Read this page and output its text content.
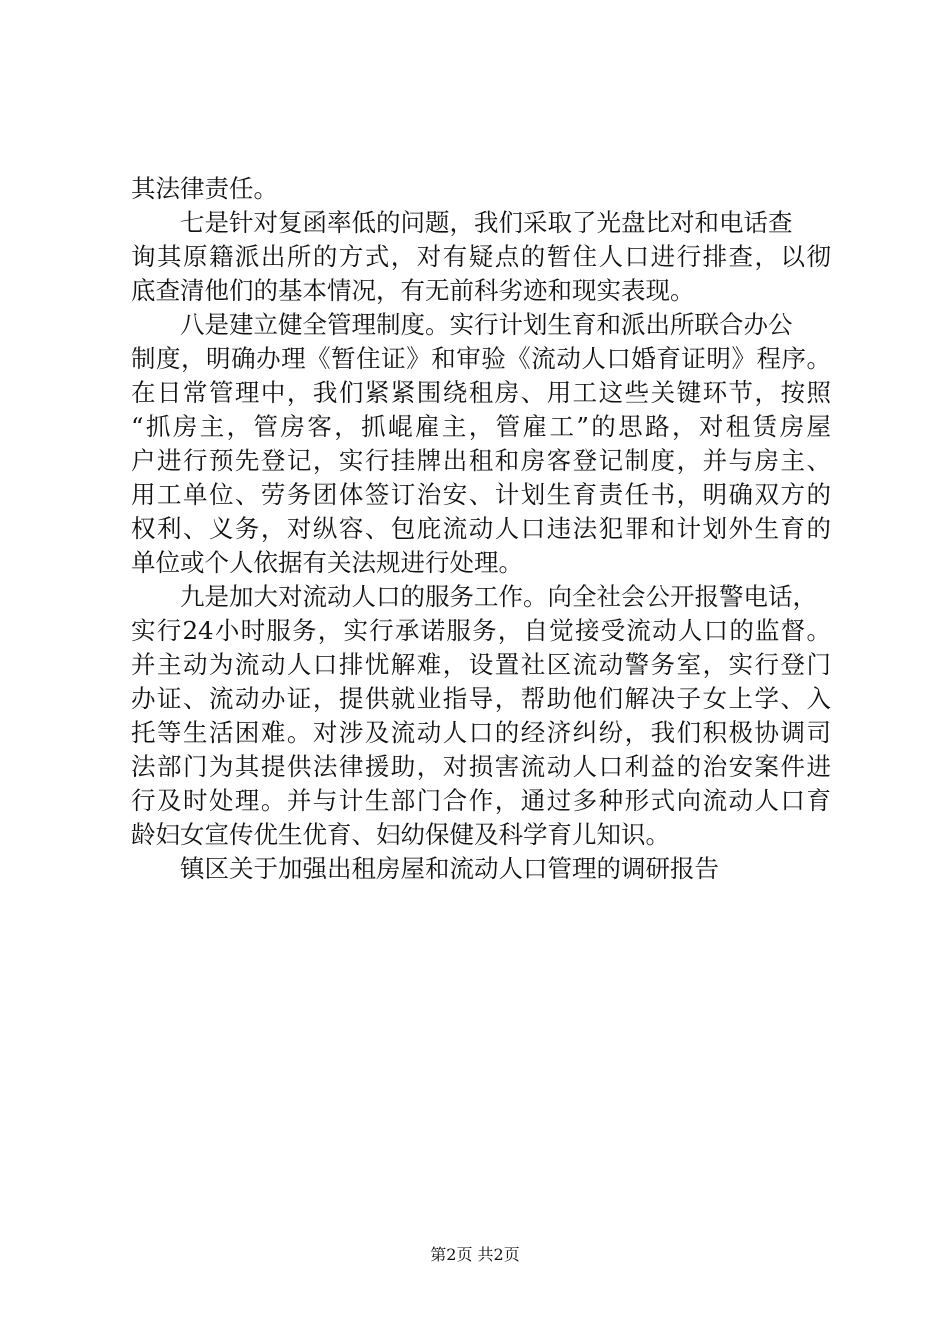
其法律责任。
七是针对复函率低的问题，我们采取了光盘比对和电话查
询其原籍派出所的方式，对有疑点的暂住人口进行排查，以彻
底查清他们的基本情况，有无前科劣迹和现实表现。
八是建立健全管理制度。实行计划生育和派出所联合办公
制度，明确办理《暂住证》和审验《流动人口婚育证明》程序。
在日常管理中，我们紧紧围绕租房、用工这些关键环节，按照
“抓房主，管房客，抓崐雇主，管雇工”的思路，对租赁房屋
户进行预先登记，实行挂牌出租和房客登记制度，并与房主、
用工单位、劳务团体签订治安、计划生育责任书，明确双方的
权利、义务，对纵容、包庇流动人口违法犯罪和计划外生育的
单位或个人依据有关法规进行处理。
九是加大对流动人口的服务工作。向全社会公开报警电话，
实行24小时服务，实行承诺服务，自觉接受流动人口的监督。
并主动为流动人口排忧解难，设置社区流动警务室，实行登门
办证、流动办证，提供就业指导，帮助他们解决子女上学、入
托等生活困难。对涉及流动人口的经济纠纷，我们积极协调司
法部门为其提供法律援助，对损害流动人口利益的治安案件进
行及时处理。并与计生部门合作，通过多种形式向流动人口育
龄妇女宣传优生优育、妇幼保健及科学育儿知识。
镇区关于加强出租房屋和流动人口管理的调研报告
第2页 共2页
